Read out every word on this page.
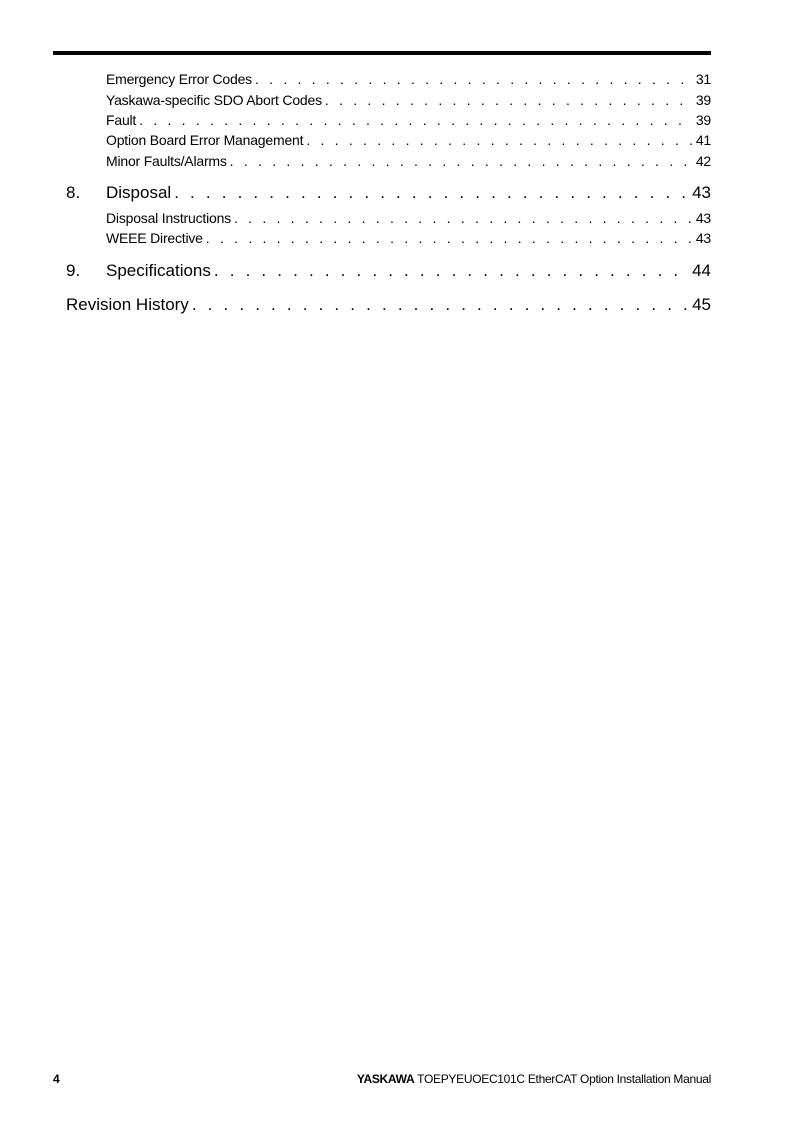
Emergency Error Codes . . .	31
Yaskawa-specific SDO Abort Codes . . .	39
Fault . . .	39
Option Board Error Management . . .	41
Minor Faults/Alarms . . .	42
8.	Disposal . . .	43
Disposal Instructions . . .	43
WEEE Directive . . .	43
9.	Specifications . . .	44
Revision History . . .	45
4	YASKAWA TOEPYEUOEC101C EtherCAT Option Installation Manual
